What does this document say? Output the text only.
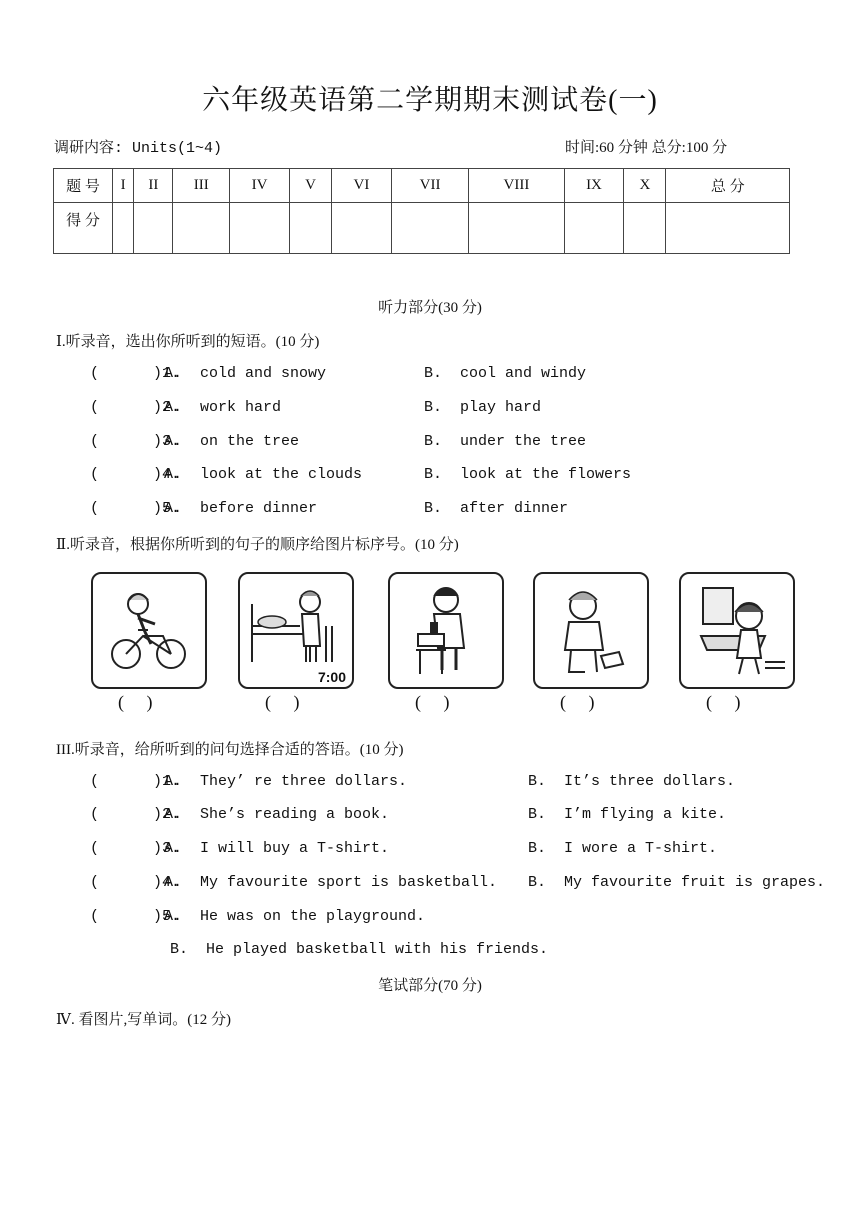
六年级英语第二学期期末测试卷(一)
调研内容: Units(1~4)	时间:60 分钟 总分:100 分
题 号	I	II	III	IV	V	VI	VII	VIII	IX	X	总 分
得 分											
听力部分(30 分)
Ⅰ.听录音，选出你所听到的短语。(10 分)
(      )1.
A.  cold and snowy	B.  cool and windy
(      )2.
A.  work hard	B.  play hard
(      )3.
A.  on the tree	B.  under the tree
(      )4.
A.  look at the clouds	B.  look at the flowers
(      )5.
A.  before dinner	B.  after dinner
Ⅱ.听录音，根据你所听到的句子的顺序给图片标序号。(10 分)
7:00
(     )	(     )	(     )	(     )	(     )
III.听录音，给所听到的问句选择合适的答语。(10 分)
(      )1.
A.  They’ re three dollars.	B.  It’s three dollars.
(      )2.
A.  She’s reading a book.	B.  I’m flying a kite.
(      )3.
A.  I will buy a T-shirt.	B.  I wore a T-shirt.
(      )4.
A.  My favourite sport is basketball. B.  My favourite fruit is grapes.
(      )5.
A.  He was on the playground.
B.  He played basketball with his friends.
笔试部分(70 分)
Ⅳ. 看图片,写单词。(12 分)
